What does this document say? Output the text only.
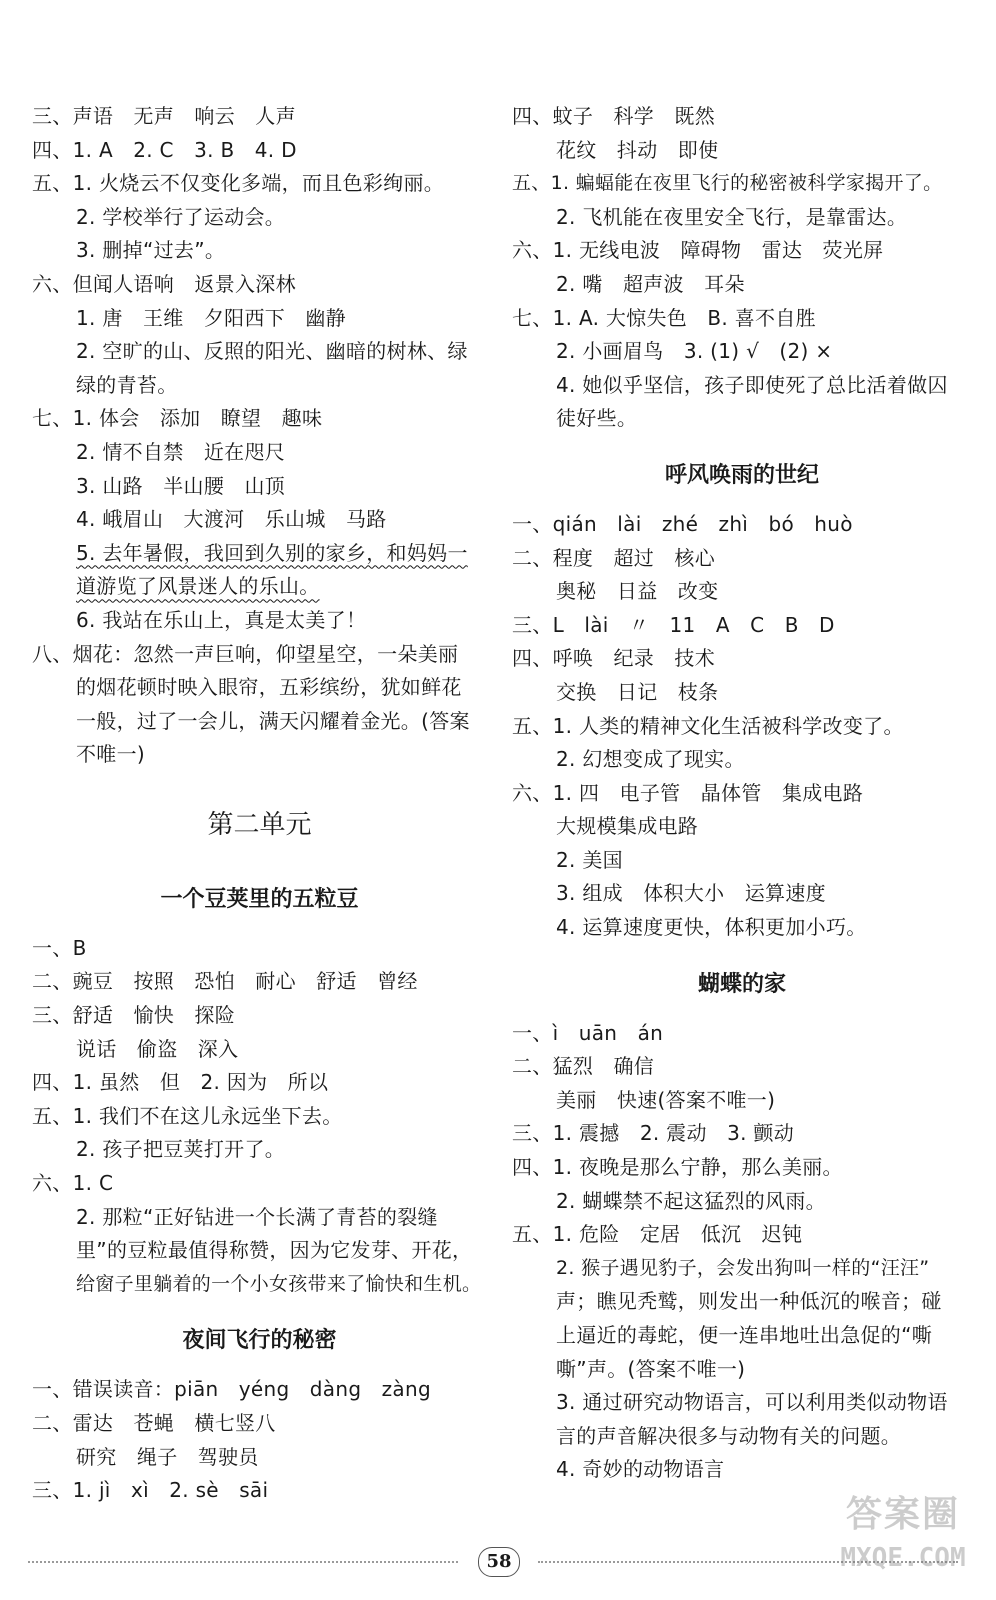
三、声语　无声　响云　人声
四、1. A　2. C　3. B　4. D
五、1. 火烧云不仅变化多端，而且色彩绚丽。
2. 学校举行了运动会。
3. 删掉“过去”。
六、但闻人语响　返景入深林
1. 唐　王维　夕阳西下　幽静
2. 空旷的山、反照的阳光、幽暗的树林、绿
绿的青苔。
七、1. 体会　添加　瞭望　趣味
2. 情不自禁　近在咫尺
3. 山路　半山腰　山顶
4. 峨眉山　大渡河　乐山城　马路
5. 去年暑假，我回到久别的家乡，和妈妈一
道游览了风景迷人的乐山。
6. 我站在乐山上，真是太美了！
八、烟花：忽然一声巨响，仰望星空，一朵美丽
的烟花顿时映入眼帘，五彩缤纷，犹如鲜花
一般，过了一会儿，满天闪耀着金光。(答案
不唯一)
第二单元
一个豆荚里的五粒豆
一、B
二、豌豆　按照　恐怕　耐心　舒适　曾经
三、舒适　愉快　探险
说话　偷盗　深入
四、1. 虽然　但　2. 因为　所以
五、1. 我们不在这儿永远坐下去。
2. 孩子把豆荚打开了。
六、1. C
2. 那粒“正好钻进一个长满了青苔的裂缝
里”的豆粒最值得称赞，因为它发芽、开花，
给窗子里躺着的一个小女孩带来了愉快和生机。
夜间飞行的秘密
一、错误读音：piān　yéng　dàng　zàng
二、雷达　苍蝇　横七竖八
研究　绳子　驾驶员
三、1. jì　xì　2. sè　sāi
四、蚊子　科学　既然
花纹　抖动　即使
五、1. 蝙蝠能在夜里飞行的秘密被科学家揭开了。
2. 飞机能在夜里安全飞行，是靠雷达。
六、1. 无线电波　障碍物　雷达　荧光屏
2. 嘴　超声波　耳朵
七、1. A. 大惊失色　B. 喜不自胜
2. 小画眉鸟　3. (1) √　(2) ×
4. 她似乎坚信，孩子即使死了总比活着做囚
徒好些。
呼风唤雨的世纪
一、qián　lài　zhé　zhì　bó　huò
二、程度　超过　核心
奥秘　日益　改变
三、L　lài　〃　11　A　C　B　D
四、呼唤　纪录　技术
交换　日记　枝条
五、1. 人类的精神文化生活被科学改变了。
2. 幻想变成了现实。
六、1. 四　电子管　晶体管　集成电路
大规模集成电路
2. 美国
3. 组成　体积大小　运算速度
4. 运算速度更快，体积更加小巧。
蝴蝶的家
一、ì　uān　án
二、猛烈　确信
美丽　快速(答案不唯一)
三、1. 震撼　2. 震动　3. 颤动
四、1. 夜晚是那么宁静，那么美丽。
2. 蝴蝶禁不起这猛烈的风雨。
五、1. 危险　定居　低沉　迟钝
2. 猴子遇见豹子，会发出狗叫一样的“汪汪”
声；瞧见秃鹫，则发出一种低沉的喉音；碰
上逼近的毒蛇，便一连串地吐出急促的“嘶
嘶”声。(答案不唯一)
3. 通过研究动物语言，可以利用类似动物语
言的声音解决很多与动物有关的问题。
4. 奇妙的动物语言
58
答案圈
MXQE.COM
